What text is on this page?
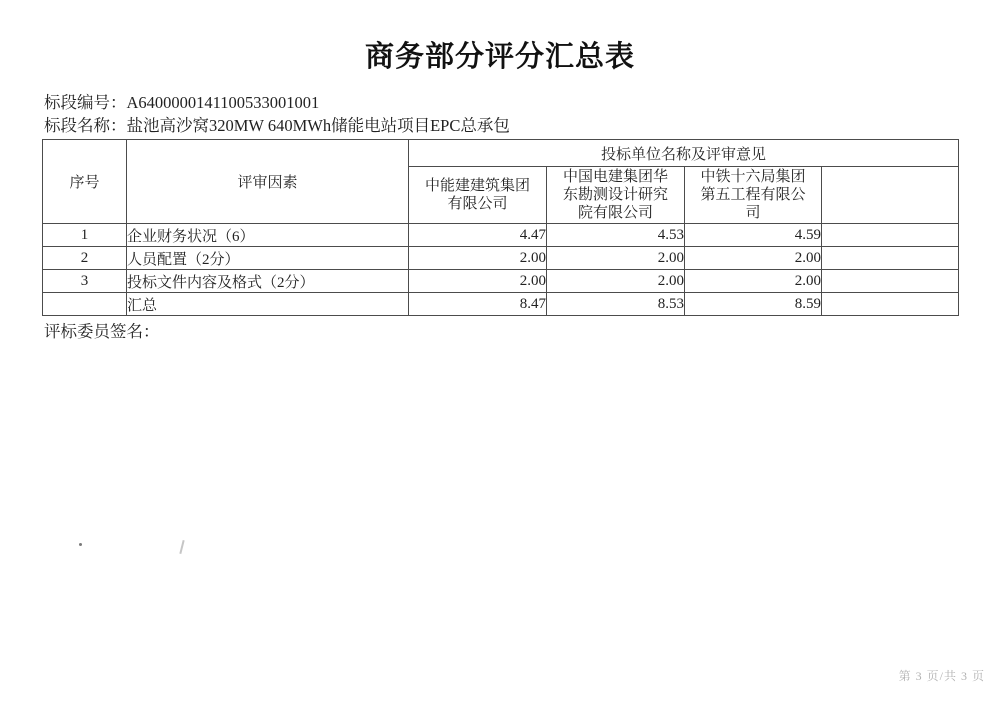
商务部分评分汇总表
标段编号：A6400000141100533001001
标段名称：盐池高沙窝320MW 640MWh储能电站项目EPC总承包
序号	评审因素	投标单位名称及评审意见			
		中能建建筑集团有限公司	中国电建集团华东勘测设计研究院有限公司	中铁十六局集团第五工程有限公司	
1	企业财务状况（6）	4.47	4.53	4.59	
2	人员配置（2分）	2.00	2.00	2.00	
3	投标文件内容及格式（2分）	2.00	2.00	2.00	
	汇总	8.47	8.53	8.59	
评标委员签名：
第 3 页/共 3 页
